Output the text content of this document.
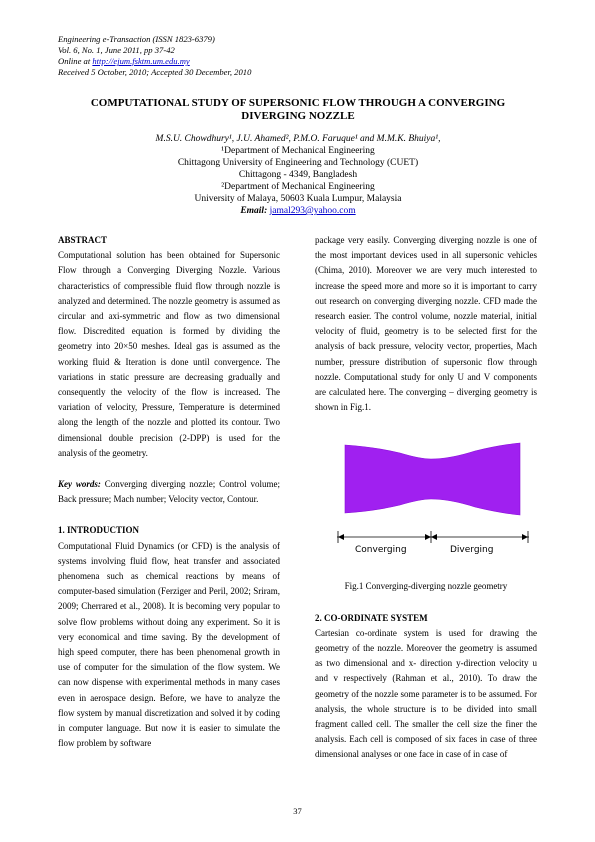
Engineering e-Transaction (ISSN 1823-6379)
Vol. 6, No. 1, June 2011, pp 37-42
Online at http://ejum.fsktm.um.edu.my
Received 5 October, 2010; Accepted 30 December, 2010
COMPUTATIONAL STUDY OF SUPERSONIC FLOW THROUGH A CONVERGING DIVERGING NOZZLE
M.S.U. Chowdhury¹, J.U. Ahamed², P.M.O. Faruque¹ and M.M.K. Bhuiya¹,
¹Department of Mechanical Engineering
Chittagong University of Engineering and Technology (CUET)
Chittagong - 4349, Bangladesh
²Department of Mechanical Engineering
University of Malaya, 50603 Kuala Lumpur, Malaysia
Email: jamal293@yahoo.com

ABSTRACT

Computational solution has been obtained for Supersonic Flow through a Converging Diverging Nozzle. Various characteristics of compressible fluid flow through nozzle is analyzed and determined. The nozzle geometry is assumed as circular and axi-symmetric and flow as two dimensional flow. Discredited equation is formed by dividing the geometry into 20×50 meshes. Ideal gas is assumed as the working fluid & Iteration is done until convergence. The variations in static pressure are decreasing gradually and consequently the velocity of the flow is increased. The variation of velocity, Pressure, Temperature is determined along the length of the nozzle and plotted its contour. Two dimensional double precision (2-DPP) is used for the analysis of the geometry.

Key words: Converging diverging nozzle; Control volume; Back pressure; Mach number; Velocity vector, Contour.

1. INTRODUCTION

Computational Fluid Dynamics (or CFD) is the analysis of systems involving fluid flow, heat transfer and associated phenomena such as chemical reactions by means of computer-based simulation (Ferziger and Peril, 2002; Sriram, 2009; Cherrared et al., 2008). It is becoming very popular to solve flow problems without doing any experiment. So it is very economical and time saving. By the development of high speed computer, there has been phenomenal growth in use of computer for the simulation of the flow system. We can now dispense with experimental methods in many cases even in aerospace design. Before, we have to analyze the flow system by manual discretization and solved it by coding in computer language. But now it is easier to simulate the flow problem by software

package very easily. Converging diverging nozzle is one of the most important devices used in all supersonic vehicles (Chima, 2010). Moreover we are very much interested to increase the speed more and more so it is important to carry out research on converging diverging nozzle. CFD made the research easier. The control volume, nozzle material, initial velocity of fluid, geometry is to be selected first for the analysis of back pressure, velocity vector, properties, Mach number, pressure distribution of supersonic flow through nozzle. Computational study for only U and V components are calculated here. The converging – diverging geometry is shown in Fig.1.

Converging	Diverging
Fig.1 Converging-diverging nozzle geometry

2. CO-ORDINATE SYSTEM

Cartesian co-ordinate system is used for drawing the geometry of the nozzle. Moreover the geometry is assumed as two dimensional and x- direction y-direction velocity u and v respectively (Rahman et al., 2010). To draw the geometry of the nozzle some parameter is to be assumed. For analysis, the whole structure is to be divided into small fragment called cell. The smaller the cell size the finer the analysis. Each cell is composed of six faces in case of three dimensional analyses or one face in case of in case of

37
